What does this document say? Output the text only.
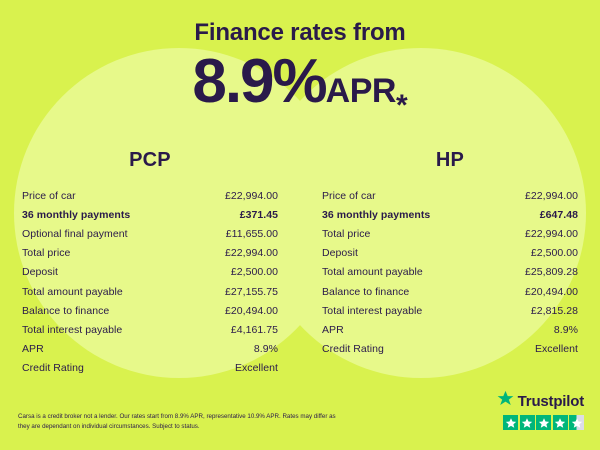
Finance rates from
8.9%APR*
PCP
Price of car	£22,994.00
36 monthly payments	£371.45
Optional final payment	£11,655.00
Total price	£22,994.00
Deposit	£2,500.00
Total amount payable	£27,155.75
Balance to finance	£20,494.00
Total interest payable	£4,161.75
APR	8.9%
Credit Rating	Excellent
HP
Price of car	£22,994.00
36 monthly payments	£647.48
Total price	£22,994.00
Deposit	£2,500.00
Total amount payable	£25,809.28
Balance to finance	£20,494.00
Total interest payable	£2,815.28
APR	8.9%
Credit Rating	Excellent
Carsa is a credit broker not a lender. Our rates start from 8.9% APR, representative 10.9% APR. Rates may differ as they are dependant on individual circumstances. Subject to status.
Trustpilot
